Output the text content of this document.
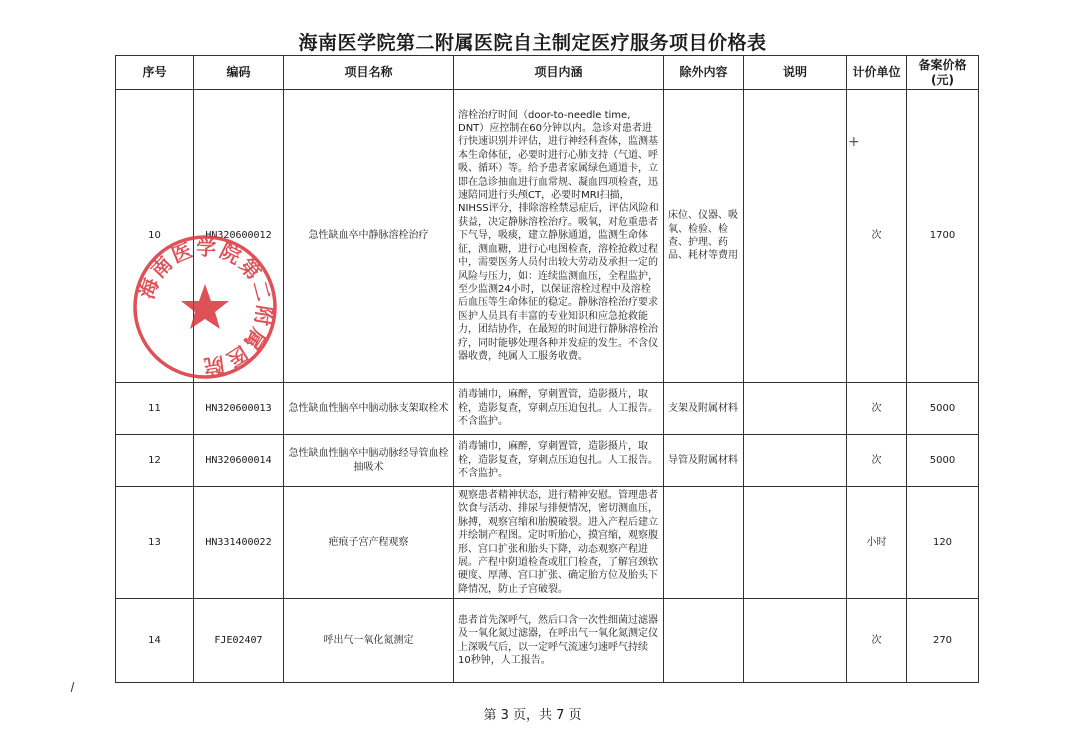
海南医学院第二附属医院自主制定医疗服务项目价格表
序号	编码	项目名称	项目内涵	除外内容	说明	计价单位	备案价格
(元)
10	HN320600012	急性缺血卒中静脉溶栓治疗	溶栓治疗时间（door-to-needle time, DNT）应控制在60分钟以内。急诊对患者进行快速识别并评估，进行神经科查体，监测基本生命体征，必要时进行心肺支持（气道、呼吸、循环）等。给予患者家属绿色通道卡，立即在急诊抽血进行血常规、凝血四项检查，迅速陪同进行头颅CT，必要时MRI扫描，NIHSS评分，排除溶栓禁忌症后，评估风险和获益，决定静脉溶栓治疗。吸氧，对危重患者下气导，吸痰，建立静脉通道，监测生命体征，测血糖，进行心电图检查，溶栓抢救过程中，需要医务人员付出较大劳动及承担一定的风险与压力，如：连续监测血压，全程监护，至少监测24小时，以保证溶栓过程中及溶栓后血压等生命体征的稳定。静脉溶栓治疗要求医护人员具有丰富的专业知识和应急抢救能力，团结协作，在最短的时间进行静脉溶栓治疗，同时能够处理各种并发症的发生。不含仪器收费，纯属人工服务收费。	床位、仪器、吸氧、检验、检查、护理、药品、耗材等费用		次	1700
11	HN320600013	急性缺血性脑卒中脑动脉支架取栓术	消毒铺巾，麻醉，穿刺置管，造影摄片，取栓，造影复查，穿刺点压迫包扎。人工报告。不含监护。	支架及附属材料		次	5000
12	HN320600014	急性缺血性脑卒中脑动脉经导管血栓抽吸术	消毒铺巾，麻醉，穿刺置管，造影摄片，取栓，造影复查，穿刺点压迫包扎。人工报告。不含监护。	导管及附属材料		次	5000
13	HN331400022	疤痕子宫产程观察	观察患者精神状态，进行精神安慰。管理患者饮食与活动、排尿与排便情况，密切测血压，脉搏，观察宫缩和胎膜破裂。进入产程后建立并绘制产程图。定时听胎心，摸宫缩，观察腹形、宫口扩张和胎头下降，动态观察产程进展。产程中阴道检查或肛门检查，了解宫颈软硬度、厚薄、宫口扩张、确定胎方位及胎头下降情况，防止子宫破裂。			小时	120
14	FJE02407	呼出气一氧化氮测定	患者首先深呼气，然后口含一次性细菌过滤器及一氧化氮过滤器，在呼出气一氧化氮测定仪上深吸气后，以一定呼气流速匀速呼气持续10秒钟，人工报告。			次	270
海南医学院第二附属医院
+
第 3 页，共 7 页
